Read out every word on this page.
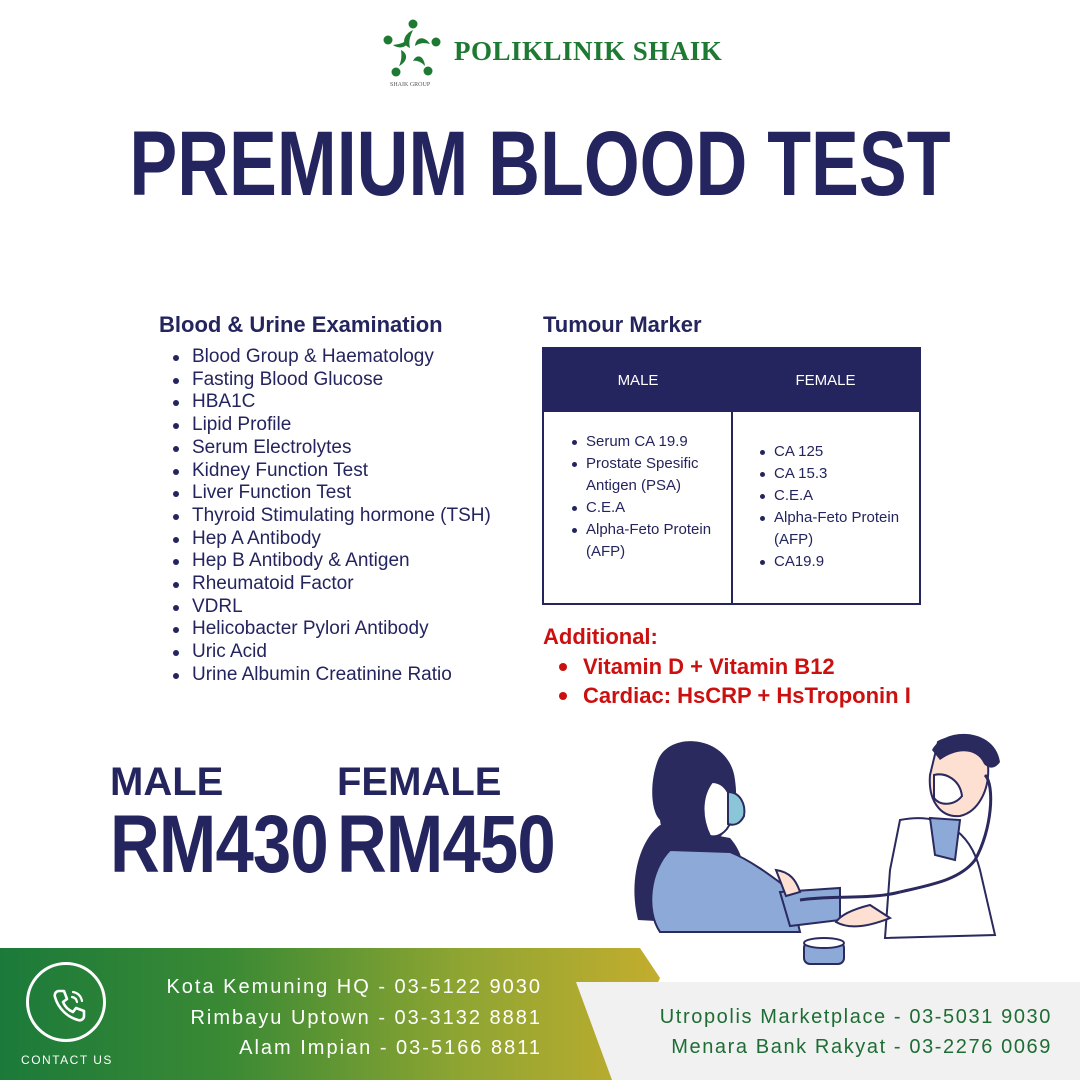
POLIKLINIK SHAIK
SHAIK GROUP
PREMIUM BLOOD TEST
Blood & Urine Examination
Blood Group & Haematology
Fasting Blood Glucose
HBA1C
Lipid Profile
Serum Electrolytes
Kidney Function Test
Liver Function Test
Thyroid Stimulating hormone (TSH)
Hep A Antibody
Hep B Antibody & Antigen
Rheumatoid Factor
VDRL
Helicobacter Pylori Antibody
Uric Acid
Urine Albumin Creatinine Ratio
Tumour Marker
MALE	FEMALE
Serum CA 19.9
Prostate Spesific Antigen (PSA)
C.E.A
Alpha-Feto Protein (AFP)
CA 125
CA 15.3
C.E.A
Alpha-Feto Protein (AFP)
CA19.9
Additional:
Vitamin D + Vitamin B12
Cardiac: HsCRP + HsTroponin I
MALE
RM430
FEMALE
RM450
CONTACT US
Kota Kemuning HQ - 03-5122 9030
Rimbayu Uptown - 03-3132 8881
Alam Impian - 03-5166 8811
Utropolis Marketplace - 03-5031 9030
Menara Bank Rakyat - 03-2276 0069
